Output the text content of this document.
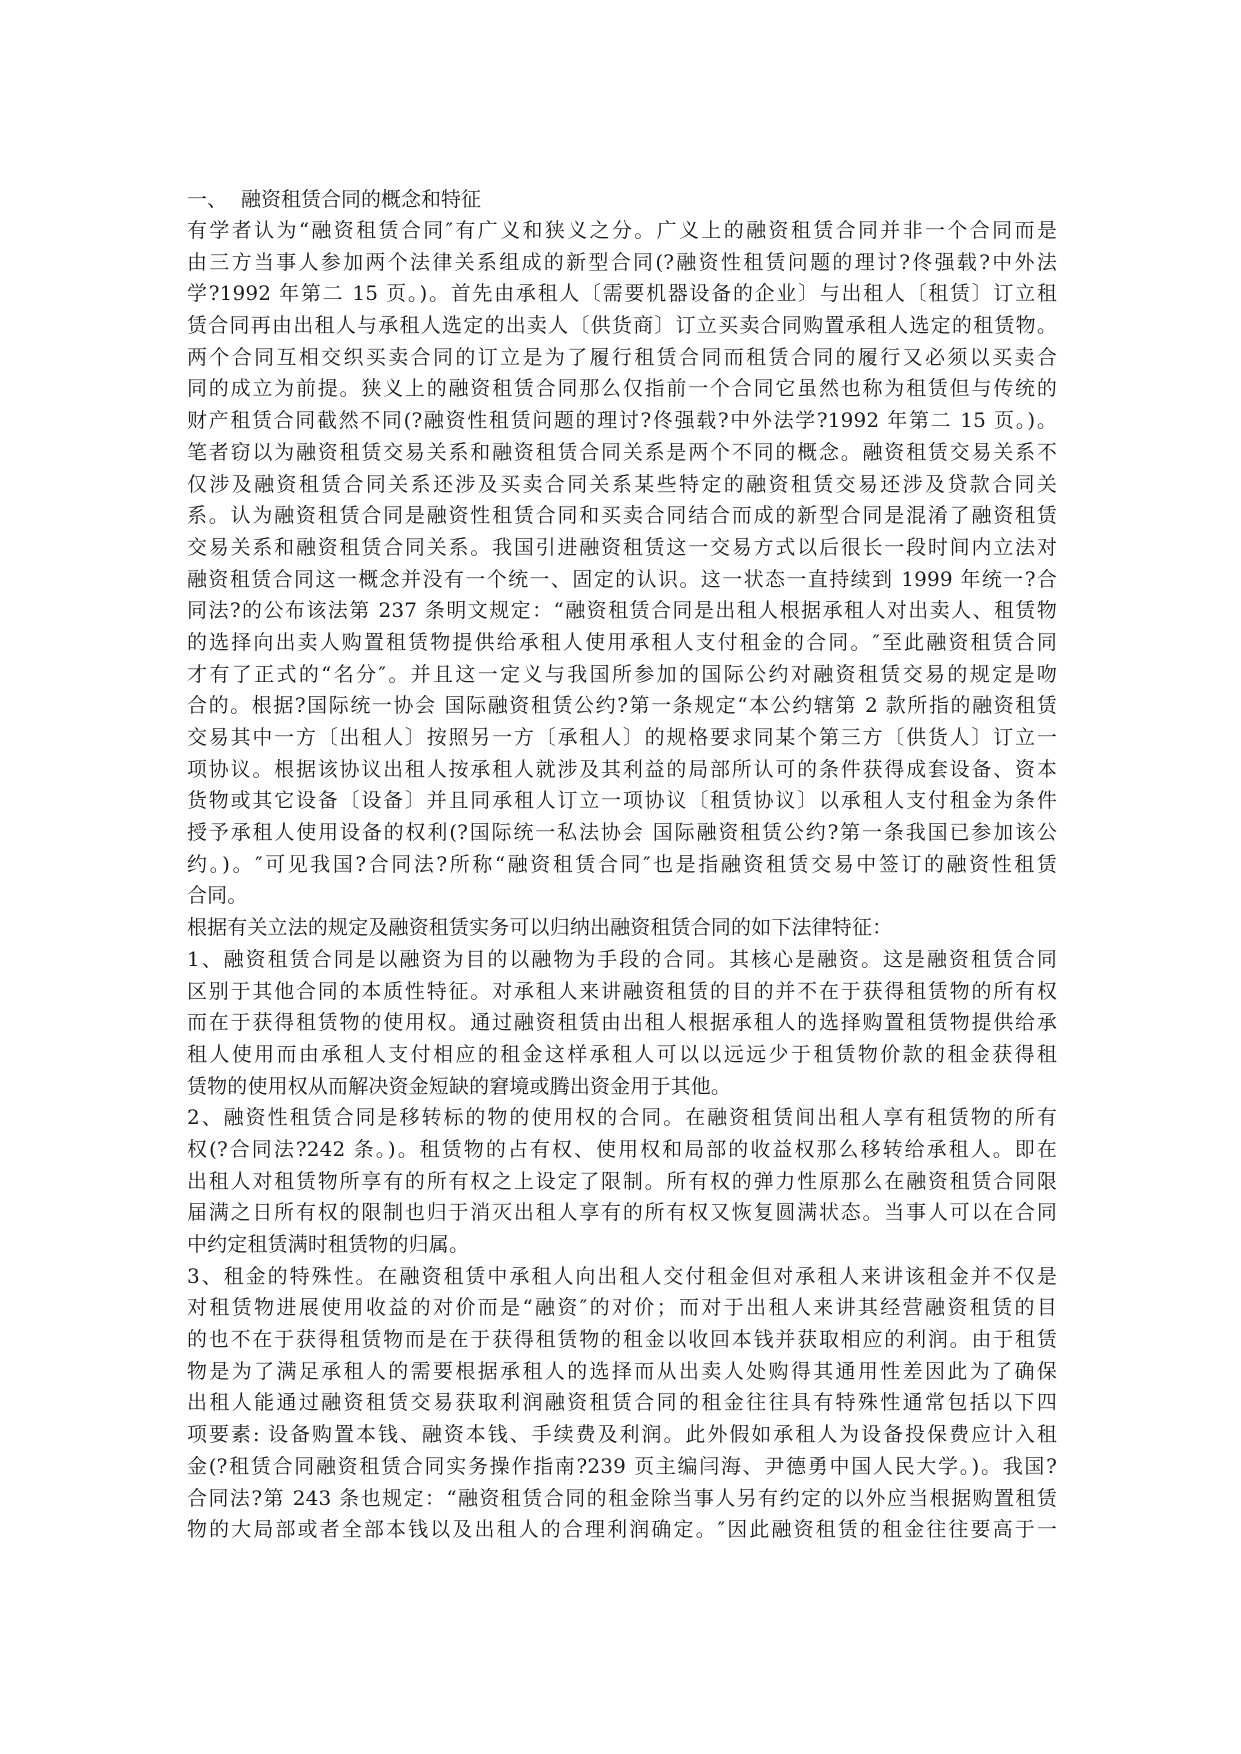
一、 融资租赁合同的概念和特征
有学者认为“融资租赁合同″有广义和狭义之分。广义上的融资租赁合同并非一个合同而是
由三方当事人参加两个法律关系组成的新型合同(?融资性租赁问题的理讨?佟强载?中外法
学?1992 年第二 15 页。)。首先由承租人〔需要机器设备的企业〕与出租人〔租赁〕订立租
赁合同再由出租人与承租人选定的出卖人〔供货商〕订立买卖合同购置承租人选定的租赁物。
两个合同互相交织买卖合同的订立是为了履行租赁合同而租赁合同的履行又必须以买卖合
同的成立为前提。狭义上的融资租赁合同那么仅指前一个合同它虽然也称为租赁但与传统的
财产租赁合同截然不同(?融资性租赁问题的理讨?佟强载?中外法学?1992 年第二 15 页。)。
笔者窃以为融资租赁交易关系和融资租赁合同关系是两个不同的概念。融资租赁交易关系不
仅涉及融资租赁合同关系还涉及买卖合同关系某些特定的融资租赁交易还涉及贷款合同关
系。认为融资租赁合同是融资性租赁合同和买卖合同结合而成的新型合同是混淆了融资租赁
交易关系和融资租赁合同关系。我国引进融资租赁这一交易方式以后很长一段时间内立法对
融资租赁合同这一概念并没有一个统一、固定的认识。这一状态一直持续到 1999 年统一?合
同法?的公布该法第 237 条明文规定：“融资租赁合同是出租人根据承租人对出卖人、租赁物
的选择向出卖人购置租赁物提供给承租人使用承租人支付租金的合同。″至此融资租赁合同
才有了正式的“名分″。并且这一定义与我国所参加的国际公约对融资租赁交易的规定是吻
合的。根据?国际统一协会 国际融资租赁公约?第一条规定“本公约辖第 2 款所指的融资租赁
交易其中一方〔出租人〕按照另一方〔承租人〕的规格要求同某个第三方〔供货人〕订立一
项协议。根据该协议出租人按承租人就涉及其利益的局部所认可的条件获得成套设备、资本
货物或其它设备〔设备〕并且同承租人订立一项协议〔租赁协议〕以承租人支付租金为条件
授予承租人使用设备的权利(?国际统一私法协会 国际融资租赁公约?第一条我国已参加该公
约。)。″可见我国?合同法?所称“融资租赁合同″也是指融资租赁交易中签订的融资性租赁
合同。
根据有关立法的规定及融资租赁实务可以归纳出融资租赁合同的如下法律特征：
1、融资租赁合同是以融资为目的以融物为手段的合同。其核心是融资。这是融资租赁合同
区别于其他合同的本质性特征。对承租人来讲融资租赁的目的并不在于获得租赁物的所有权
而在于获得租赁物的使用权。通过融资租赁由出租人根据承租人的选择购置租赁物提供给承
租人使用而由承租人支付相应的租金这样承租人可以以远远少于租赁物价款的租金获得租
赁物的使用权从而解决资金短缺的窘境或腾出资金用于其他。
2、融资性租赁合同是移转标的物的使用权的合同。在融资租赁间出租人享有租赁物的所有
权(?合同法?242 条。)。租赁物的占有权、使用权和局部的收益权那么移转给承租人。即在
出租人对租赁物所享有的所有权之上设定了限制。所有权的弹力性原那么在融资租赁合同限
届满之日所有权的限制也归于消灭出租人享有的所有权又恢复圆满状态。当事人可以在合同
中约定租赁满时租赁物的归属。
3、租金的特殊性。在融资租赁中承租人向出租人交付租金但对承租人来讲该租金并不仅是
对租赁物进展使用收益的对价而是“融资″的对价；而对于出租人来讲其经营融资租赁的目
的也不在于获得租赁物而是在于获得租赁物的租金以收回本钱并获取相应的利润。由于租赁
物是为了满足承租人的需要根据承租人的选择而从出卖人处购得其通用性差因此为了确保
出租人能通过融资租赁交易获取利润融资租赁合同的租金往往具有特殊性通常包括以下四
项要素: 设备购置本钱、融资本钱、手续费及利润。此外假如承租人为设备投保费应计入租
金(?租赁合同融资租赁合同实务操作指南?239 页主编闫海、尹德勇中国人民大学。)。我国?
合同法?第 243 条也规定：“融资租赁合同的租金除当事人另有约定的以外应当根据购置租赁
物的大局部或者全部本钱以及出租人的合理利润确定。″因此融资租赁的租金往往要高于一
